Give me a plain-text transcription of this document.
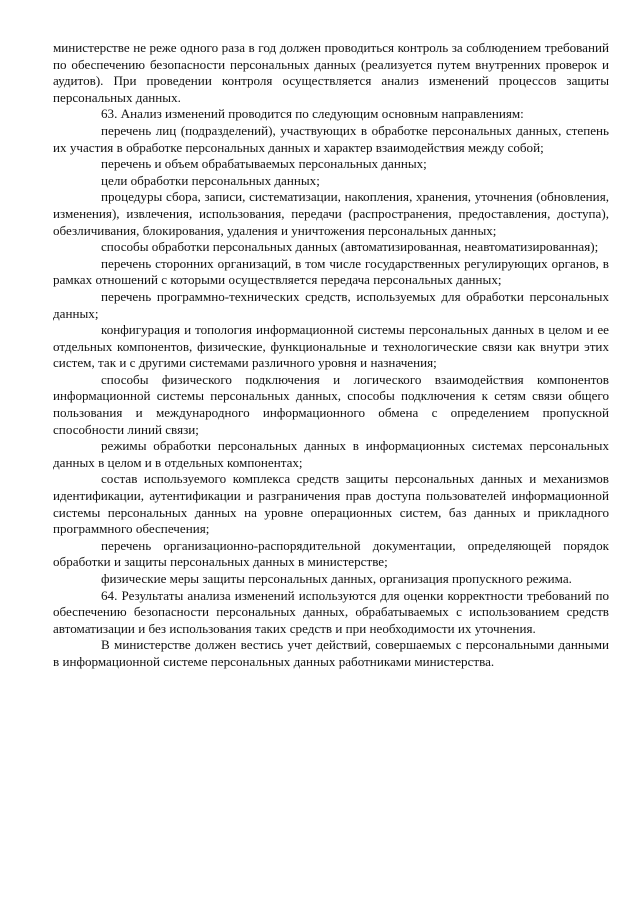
министерстве не реже одного раза в год должен проводиться контроль за соблюдением требований по обеспечению безопасности персональных данных (реализуется путем внутренних проверок и аудитов). При проведении контроля осуществляется анализ изменений процессов защиты персональных данных.

63. Анализ изменений проводится по следующим основным направлениям:

перечень лиц (подразделений), участвующих в обработке персональных данных, степень их участия в обработке персональных данных и характер взаимодействия между собой;

перечень и объем обрабатываемых персональных данных;

цели обработки персональных данных;

процедуры сбора, записи, систематизации, накопления, хранения, уточнения (обновления, изменения), извлечения, использования, передачи (распространения, предоставления, доступа), обезличивания, блокирования, удаления и уничтожения персональных данных;

способы обработки персональных данных (автоматизированная, неавтоматизированная);

перечень сторонних организаций, в том числе государственных регулирующих органов, в рамках отношений с которыми осуществляется передача персональных данных;

перечень программно-технических средств, используемых для обработки персональных данных;

конфигурация и топология информационной системы персональных данных в целом и ее отдельных компонентов, физические, функциональные и технологические связи как внутри этих систем, так и с другими системами различного уровня и назначения;

способы физического подключения и логического взаимодействия компонентов информационной системы персональных данных, способы подключения к сетям связи общего пользования и международного информационного обмена с определением пропускной способности линий связи;

режимы обработки персональных данных в информационных системах персональных данных в целом и в отдельных компонентах;

состав используемого комплекса средств защиты персональных данных и механизмов идентификации, аутентификации и разграничения прав доступа пользователей информационной системы персональных данных на уровне операционных систем, баз данных и прикладного программного обеспечения;

перечень организационно-распорядительной документации, определяющей порядок обработки и защиты персональных данных в министерстве;

физические меры защиты персональных данных, организация пропускного режима.

64. Результаты анализа изменений используются для оценки корректности требований по обеспечению безопасности персональных данных, обрабатываемых с использованием средств автоматизации и без использования таких средств и при необходимости их уточнения.

В министерстве должен вестись учет действий, совершаемых с персональными данными в информационной системе персональных данных работниками министерства.
